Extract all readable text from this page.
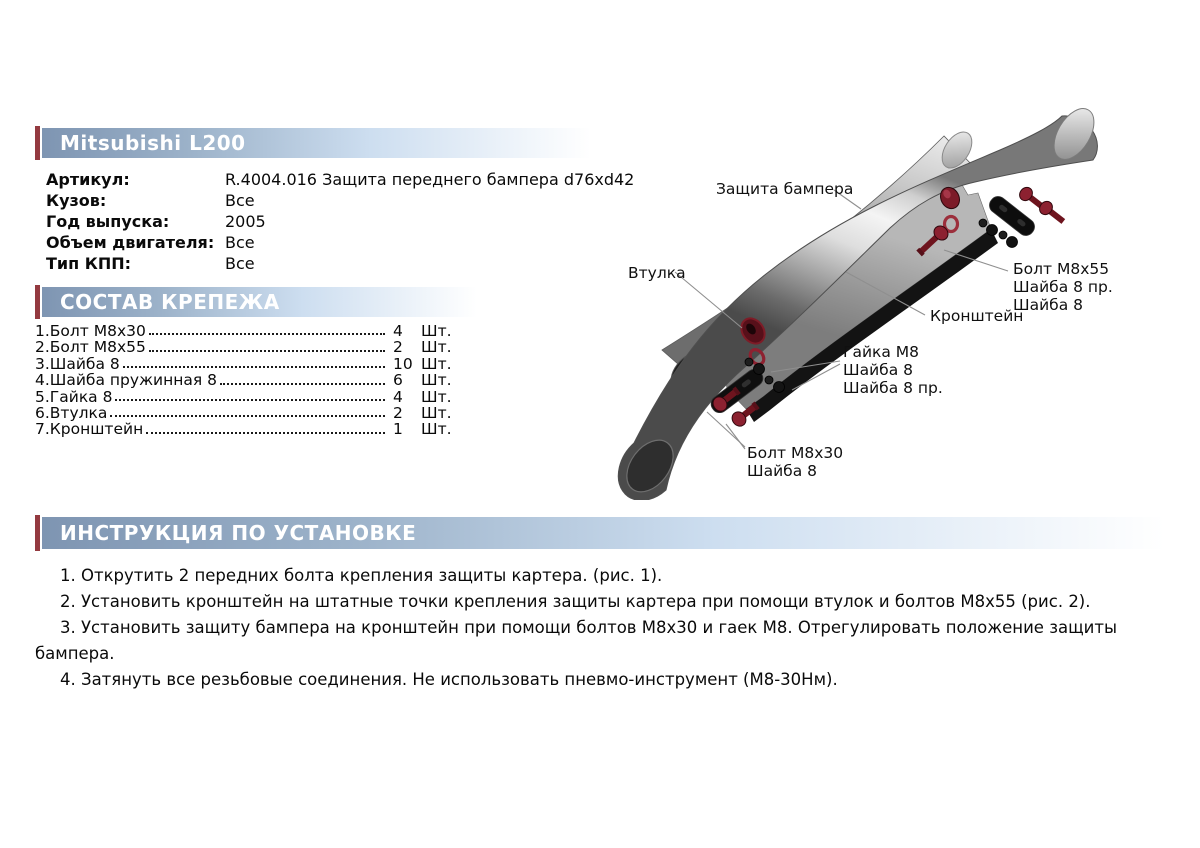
Mitsubishi L200
Артикул:	R.4004.016 Защита переднего бампера d76xd42
Кузов:	Все
Год выпуска:	2005
Объем двигателя: Все
Тип КПП:	Все
СОСТАВ КРЕПЕЖА
1.Болт М8х30	4	Шт.
2.Болт М8х55	2	Шт.
3.Шайба 8	10 Шт.
4.Шайба пружинная 8	6	Шт.
5.Гайка 8	4	Шт.
6.Втулка	2	Шт.
7.Кронштейн	1	Шт.
Защита бампера
Втулка	Болт М8х55
Шайба 8 пр.
Шайба 8
Кронштейн
Гайка М8
Шайба 8
Шайба 8 пр.
Болт М8х30
Шайба 8
ИНСТРУКЦИЯ ПО УСТАНОВКЕ

1. Открутить 2 передних болта крепления защиты картера. (рис. 1).

2. Установить кронштейн на штатные точки крепления защиты картера при помощи втулок и болтов М8х55 (рис. 2).

3. Установить защиту бампера на кронштейн при помощи болтов М8х30 и гаек М8. Отрегулировать положение защиты бампера.

4. Затянуть все резьбовые соединения. Не использовать пневмо-инструмент (М8-30Нм).
